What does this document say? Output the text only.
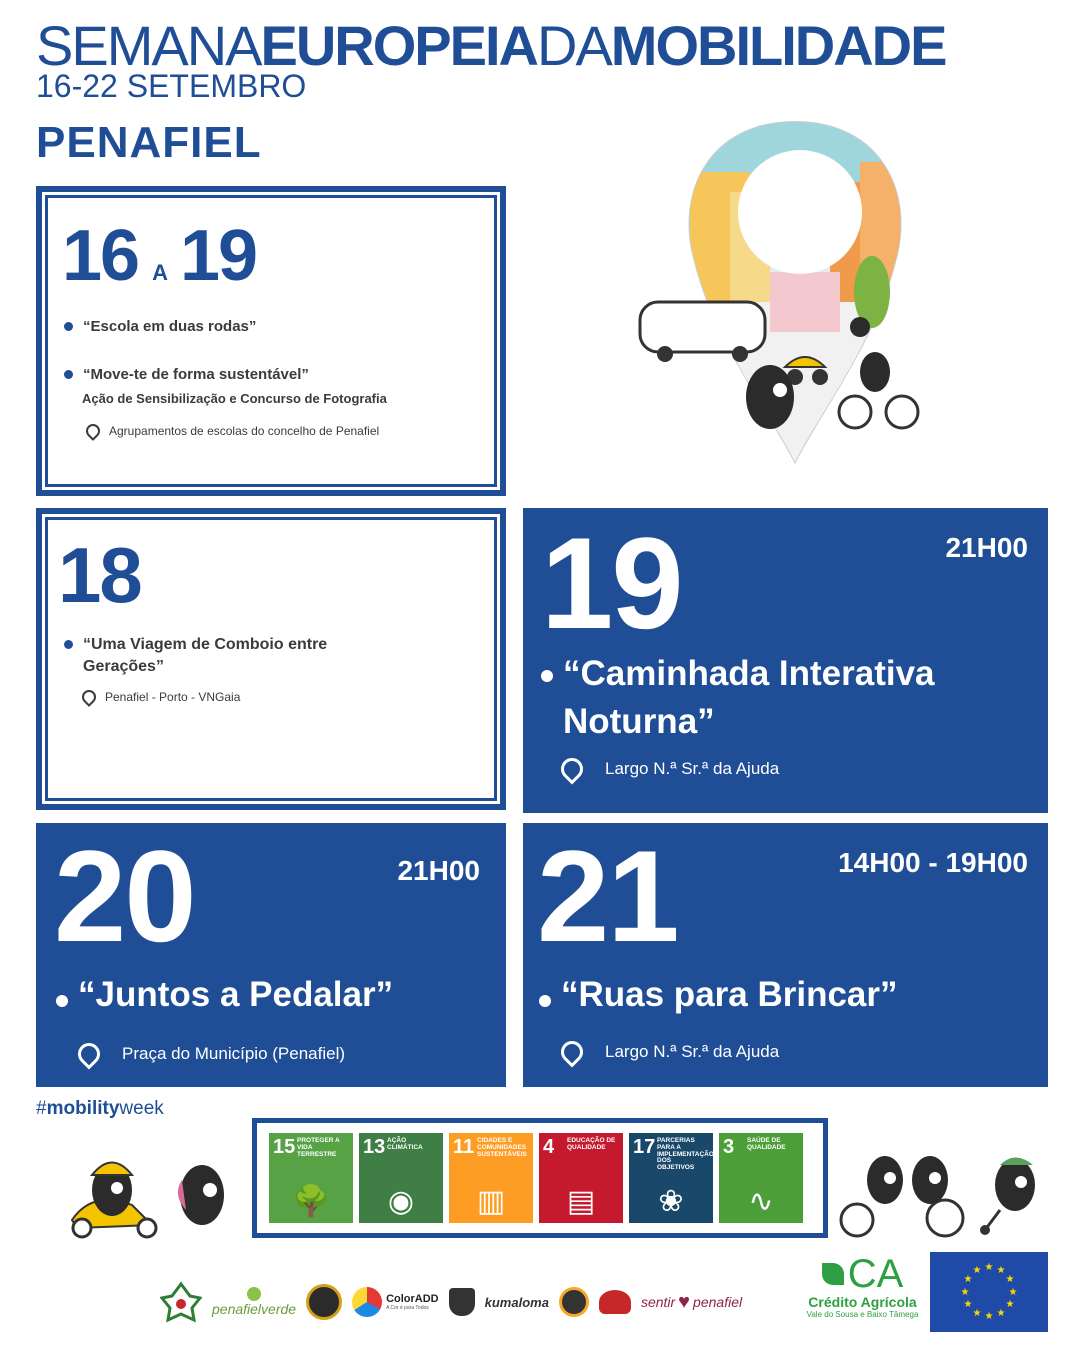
SEMANAEUROPEIADAMOBILIDADE
16-22 SETEMBRO
PENAFIEL
16 A 19
“Escola em duas rodas”
“Move-te de forma sustentável”
Ação de Sensibilização e Concurso de Fotografia
Agrupamentos de escolas do concelho de Penafiel
18
“Uma Viagem de Comboio entre Gerações”
Penafiel - Porto - VNGaia
19	21H00
“Caminhada Interativa Noturna”
Largo N.ª Sr.ª da Ajuda
20	21H00
“Juntos a Pedalar”
Praça do Município (Penafiel)
21	14H00 - 19H00
“Ruas para Brincar”
Largo N.ª Sr.ª da Ajuda
#mobilityweek
15 PROTEGER A VIDA TERRESTRE
🌳
13 AÇÃO CLIMÁTICA
◉
11 CIDADES E COMUNIDADES SUSTENTÁVEIS
▥
4 EDUCAÇÃO DE QUALIDADE
▤
17 PARCERIAS PARA A IMPLEMENTAÇÃO DOS OBJETIVOS
❀
3 SAÚDE DE QUALIDADE
∿
penafielverde
ColorADD
A Cor é para Todos	kumaloma	sentir ♥ penafiel
CA
Crédito Agrícola
Vale do Sousa e Baixo Tâmega
★ ★
★
★
★
★
★
★
★
★
★
★
